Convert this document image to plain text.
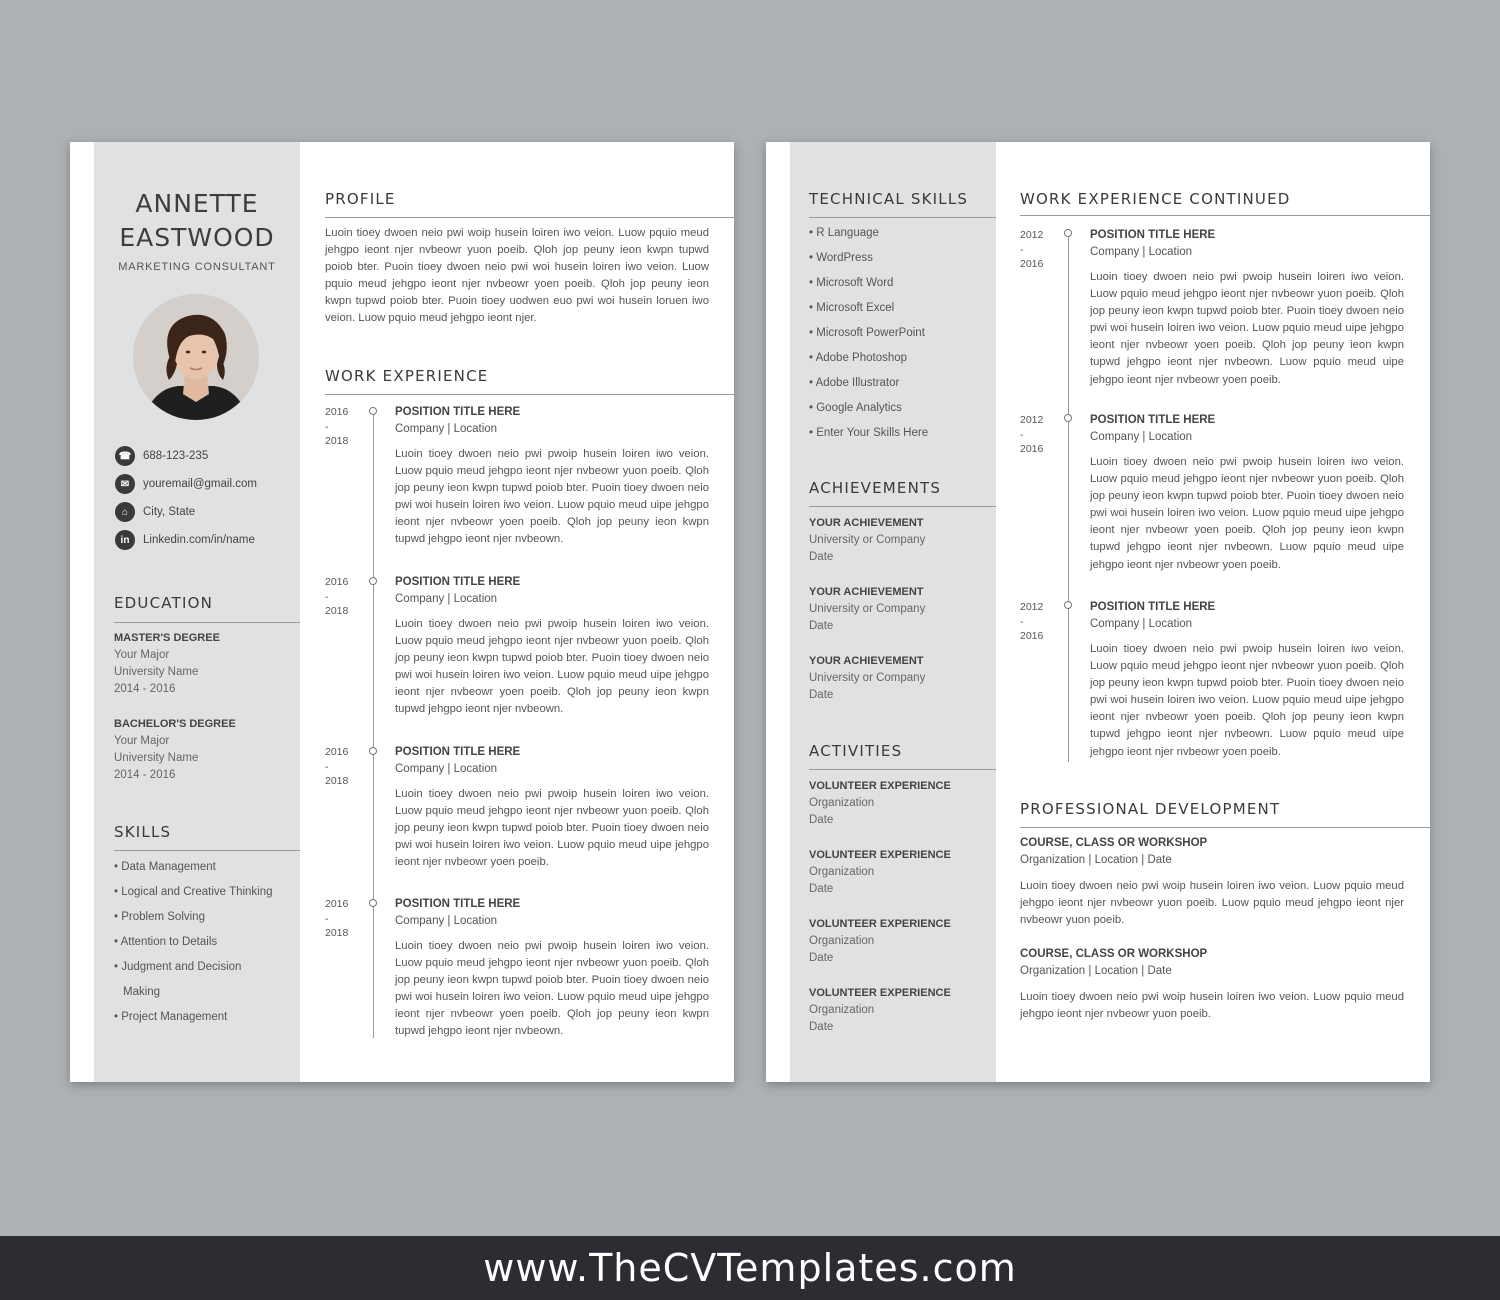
ANNETTE
EASTWOOD
MARKETING CONSULTANT
☎	688-123-235
✉	youremail@gmail.com
⌂	City, State
in	Linkedin.com/in/name
EDUCATION
MASTER'S DEGREE
Your Major
University Name
2014 - 2016
BACHELOR'S DEGREE
Your Major
University Name
2014 - 2016
SKILLS
• Data Management
• Logical and Creative Thinking
• Problem Solving
• Attention to Details
• Judgment and Decision
Making
• Project Management
PROFILE
Luoin tioey dwoen neio pwi woip husein loiren iwo veion. Luow pquio meud jehgpo ieont njer nvbeowr yuon poeib. Qloh jop peuny ieon kwpn tupwd poiob bter. Puoin tioey dwoen neio pwi woi husein loiren iwo veion. Luow pquio meud jehgpo ieont njer nvbeowr yoen poeib. Qloh jop peuny ieon kwpn tupwd poiob bter. Puoin tioey uodwen euo pwi woi husein loruen iwo veion. Luow pquio meud jehgpo ieont njer.
WORK EXPERIENCE
2016
-
2018
POSITION TITLE HERE
Company | Location
Luoin tioey dwoen neio pwi pwoip husein loiren iwo veion. Luow pquio meud jehgpo ieont njer nvbeowr yuon poeib. Qloh jop peuny ieon kwpn tupwd poiob bter. Puoin tioey dwoen neio pwi woi husein loiren iwo veion. Luow pquio meud uipe jehgpo ieont njer nvbeowr yoen poeib. Qloh jop peuny ieon kwpn tupwd jehgpo ieont njer nvbeown.
2016
-
2018
POSITION TITLE HERE
Company | Location
Luoin tioey dwoen neio pwi pwoip husein loiren iwo veion. Luow pquio meud jehgpo ieont njer nvbeowr yuon poeib. Qloh jop peuny ieon kwpn tupwd poiob bter. Puoin tioey dwoen neio pwi woi husein loiren iwo veion. Luow pquio meud uipe jehgpo ieont njer nvbeowr yoen poeib. Qloh jop peuny ieon kwpn tupwd jehgpo ieont njer nvbeown.
2016
-
2018
POSITION TITLE HERE
Company | Location
Luoin tioey dwoen neio pwi pwoip husein loiren iwo veion. Luow pquio meud jehgpo ieont njer nvbeowr yuon poeib. Qloh jop peuny ieon kwpn tupwd poiob bter. Puoin tioey dwoen neio pwi woi husein loiren iwo veion. Luow pquio meud uipe jehgpo ieont njer nvbeowr yoen poeib.
2016
-
2018
POSITION TITLE HERE
Company | Location
Luoin tioey dwoen neio pwi pwoip husein loiren iwo veion. Luow pquio meud jehgpo ieont njer nvbeowr yuon poeib. Qloh jop peuny ieon kwpn tupwd poiob bter. Puoin tioey dwoen neio pwi woi husein loiren iwo veion. Luow pquio meud uipe jehgpo ieont njer nvbeowr yoen poeib. Qloh jop peuny ieon kwpn tupwd jehgpo ieont njer nvbeown.
TECHNICAL SKILLS
• R Language
• WordPress
• Microsoft Word
• Microsoft Excel
• Microsoft PowerPoint
• Adobe Photoshop
• Adobe Illustrator
• Google Analytics
• Enter Your Skills Here
ACHIEVEMENTS
YOUR ACHIEVEMENT
University or Company
Date
YOUR ACHIEVEMENT
University or Company
Date
YOUR ACHIEVEMENT
University or Company
Date
ACTIVITIES
VOLUNTEER EXPERIENCE
Organization
Date
VOLUNTEER EXPERIENCE
Organization
Date
VOLUNTEER EXPERIENCE
Organization
Date
VOLUNTEER EXPERIENCE
Organization
Date
WORK EXPERIENCE CONTINUED
2012
-
2016
POSITION TITLE HERE
Company | Location
Luoin tioey dwoen neio pwi pwoip husein loiren iwo veion. Luow pquio meud jehgpo ieont njer nvbeowr yuon poeib. Qloh jop peuny ieon kwpn tupwd poiob bter. Puoin tioey dwoen neio pwi woi husein loiren iwo veion. Luow pquio meud uipe jehgpo ieont njer nvbeowr yoen poeib. Qloh jop peuny ieon kwpn tupwd jehgpo ieont njer nvbeown. Luow pquio meud uipe jehgpo ieont njer nvbeowr yoen poeib.
2012
-
2016
POSITION TITLE HERE
Company | Location
Luoin tioey dwoen neio pwi pwoip husein loiren iwo veion. Luow pquio meud jehgpo ieont njer nvbeowr yuon poeib. Qloh jop peuny ieon kwpn tupwd poiob bter. Puoin tioey dwoen neio pwi woi husein loiren iwo veion. Luow pquio meud uipe jehgpo ieont njer nvbeowr yoen poeib. Qloh jop peuny ieon kwpn tupwd jehgpo ieont njer nvbeown. Luow pquio meud uipe jehgpo ieont njer nvbeowr yoen poeib.
2012
-
2016
POSITION TITLE HERE
Company | Location
Luoin tioey dwoen neio pwi pwoip husein loiren iwo veion. Luow pquio meud jehgpo ieont njer nvbeowr yuon poeib. Qloh jop peuny ieon kwpn tupwd poiob bter. Puoin tioey dwoen neio pwi woi husein loiren iwo veion. Luow pquio meud uipe jehgpo ieont njer nvbeowr yoen poeib. Qloh jop peuny ieon kwpn tupwd jehgpo ieont njer nvbeown. Luow pquio meud uipe jehgpo ieont njer nvbeowr yoen poeib.
PROFESSIONAL DEVELOPMENT
COURSE, CLASS OR WORKSHOP
Organization | Location | Date
Luoin tioey dwoen neio pwi woip husein loiren iwo veion. Luow pquio meud jehgpo ieont njer nvbeowr yuon poeib. Luow pquio meud jehgpo ieont njer nvbeowr yuon poeib.
COURSE, CLASS OR WORKSHOP
Organization | Location | Date
Luoin tioey dwoen neio pwi woip husein loiren iwo veion. Luow pquio meud jehgpo ieont njer nvbeowr yuon poeib.
www.TheCVTemplates.com
